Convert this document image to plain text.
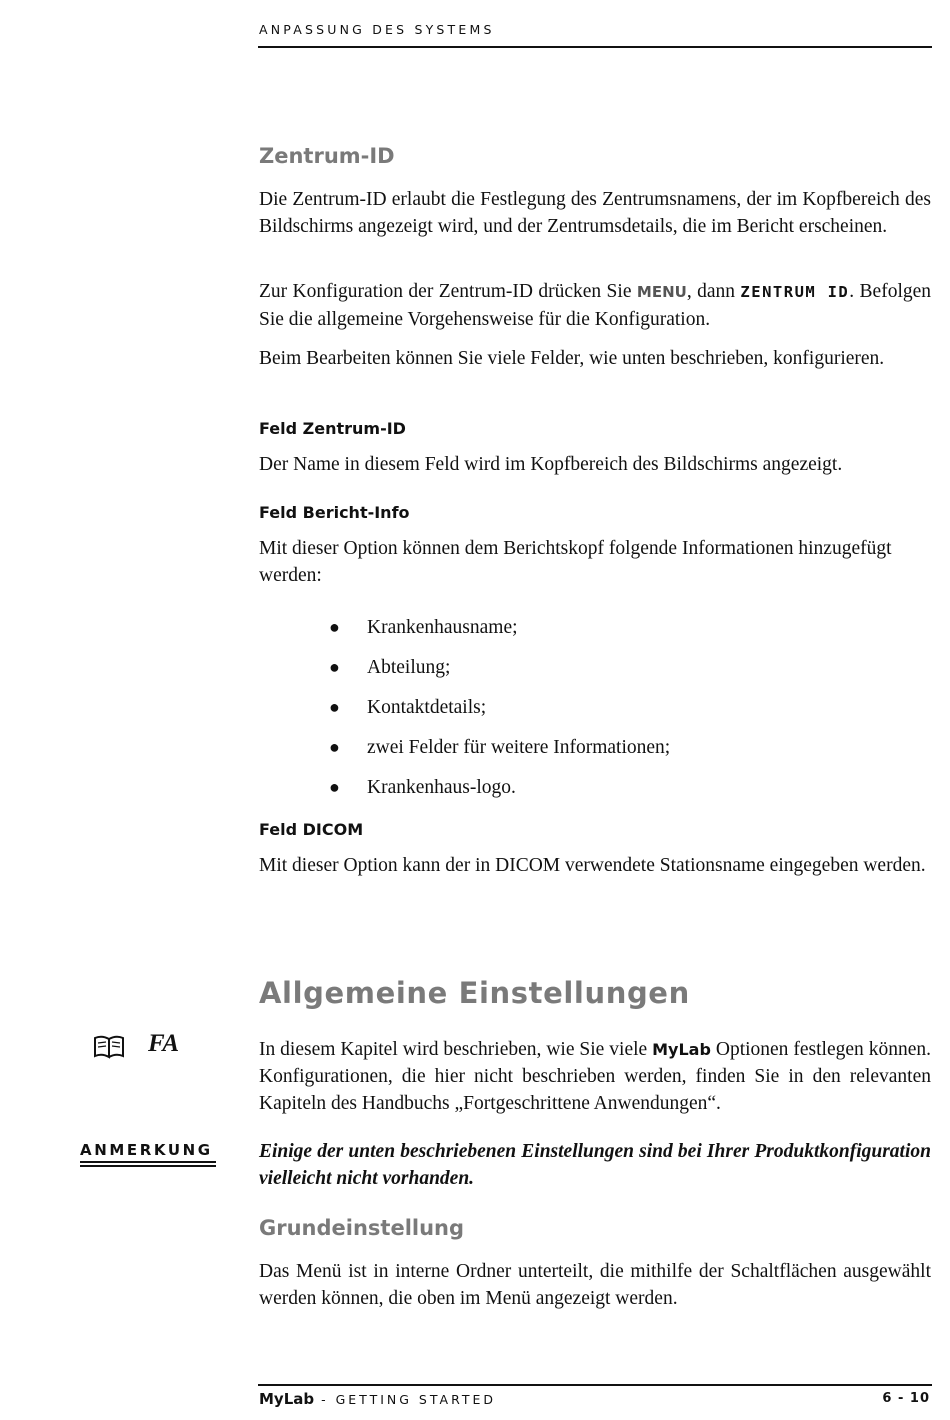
ANPASSUNG DES SYSTEMS
Zentrum-ID
Die Zentrum-ID erlaubt die Festlegung des Zentrumsnamens, der im Kopfbereich des Bildschirms angezeigt wird, und der Zentrumsdetails, die im Bericht erscheinen.
Zur Konfiguration der Zentrum-ID drücken Sie MENU, dann ZENTRUM ID. Befolgen Sie die allgemeine Vorgehensweise für die Konfiguration.
Beim Bearbeiten können Sie viele Felder, wie unten beschrieben, konfigurieren.
Feld Zentrum-ID
Der Name in diesem Feld wird im Kopfbereich des Bildschirms angezeigt.
Feld Bericht-Info
Mit dieser Option können dem Berichtskopf folgende Informationen hinzugefügt werden:
● Krankenhausname;
● Abteilung;
● Kontaktdetails;
● zwei Felder für weitere Informationen;
● Krankenhaus-logo.
Feld DICOM
Mit dieser Option kann der in DICOM verwendete Stationsname eingegeben werden.
Allgemeine Einstellungen
FA	In diesem Kapitel wird beschrieben, wie Sie viele MyLab Optionen festlegen können. Konfigurationen, die hier nicht beschrieben werden, finden Sie in den relevanten Kapiteln des Handbuchs „Fortgeschrittene Anwendungen“.
ANMERKUNG Einige der unten beschriebenen Einstellungen sind bei Ihrer Produktkonfiguration vielleicht nicht vorhanden.
Grundeinstellung
Das Menü ist in interne Ordner unterteilt, die mithilfe der Schaltflächen ausgewählt werden können, die oben im Menü angezeigt werden.
MyLab - GETTING STARTED	6 - 10
